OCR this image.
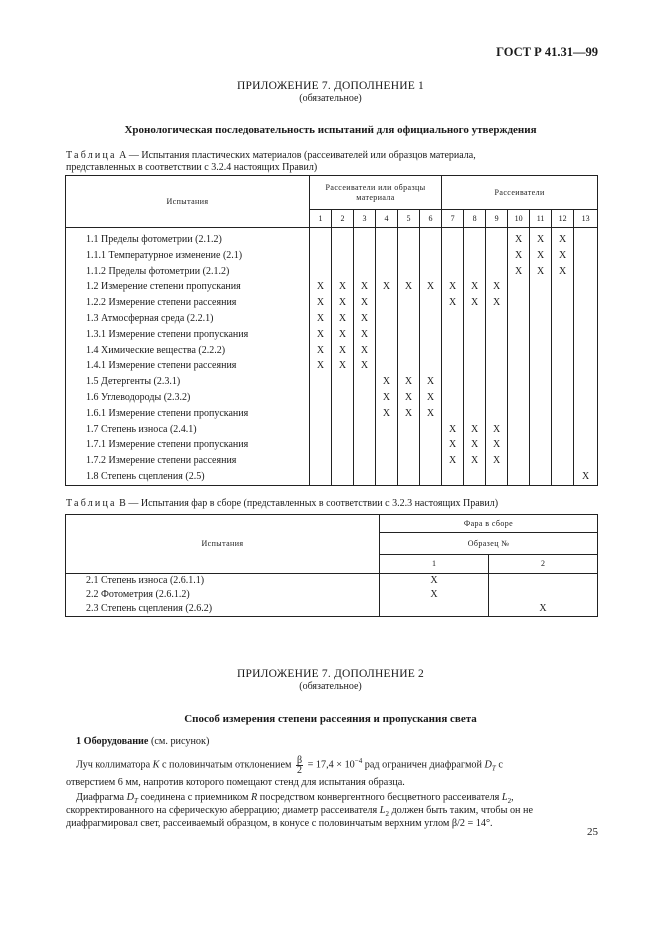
ГОСТ Р 41.31—99
ПРИЛОЖЕНИЕ 7. ДОПОЛНЕНИЕ 1
(обязательное)
Хронологическая последовательность испытаний для официального утверждения
Таблица А — Испытания пластических материалов (рассеивателей или образцов материала,
представленных в соответствии с 3.2.4 настоящих Правил)
Испытания	Рассеиватели или образцы материала						Рассеиватели						
	1	2	3	4	5	6	7	8	9	10	11	12	13
1.1 Пределы фотометрии (2.1.2)										X	X	X	
1.1.1 Температурное изменение (2.1)										X	X	X	
1.1.2 Пределы фотометрии (2.1.2)										X	X	X	
1.2 Измерение степени пропускания	X	X	X	X	X	X	X	X	X				
1.2.2 Измерение степени рассеяния	X	X	X				X	X	X				
1.3 Атмосферная среда (2.2.1)	X	X	X										
1.3.1 Измерение степени пропускания	X	X	X										
1.4 Химические вещества (2.2.2)	X	X	X										
1.4.1 Измерение степени рассеяния	X	X	X										
1.5 Детергенты (2.3.1)				X	X	X							
1.6 Углеводороды (2.3.2)				X	X	X							
1.6.1 Измерение степени пропускания				X	X	X							
1.7 Степень износа (2.4.1)							X	X	X				
1.7.1 Измерение степени пропускания							X	X	X				
1.7.2 Измерение степени рассеяния							X	X	X				
1.8 Степень сцепления (2.5)													X
Таблица В — Испытания фар в сборе (представленных в соответствии с 3.2.3 настоящих Правил)
Испытания	Фара в сборе	
	Образец №	
	1	2
2.1 Степень износа (2.6.1.1)	X	
2.2 Фотометрия (2.6.1.2)	X	
2.3 Степень сцепления (2.6.2)		X
ПРИЛОЖЕНИЕ 7. ДОПОЛНЕНИЕ 2
(обязательное)
Способ измерения степени рассеяния и пропускания света
1 Оборудование (см. рисунок)
Луч коллиматора K с половинчатым отклонением $\frac{\beta}{2} = 17,4 \times 10^{-4}$ рад ограничен диафрагмой $D_T$ с
отверстием 6 мм, напротив которого помещают стенд для испытания образца.
Диафрагма $D_T$ соединена с приемником R посредством конвергентного бесцветного рассеивателя $L_2$,
скорректированного на сферическую аберрацию; диаметр рассеивателя $L_2$ должен быть таким, чтобы он не
диафрагмировал свет, рассеиваемый образцом, в конусе с половинчатым верхним углом β/2 = 14°.
25
